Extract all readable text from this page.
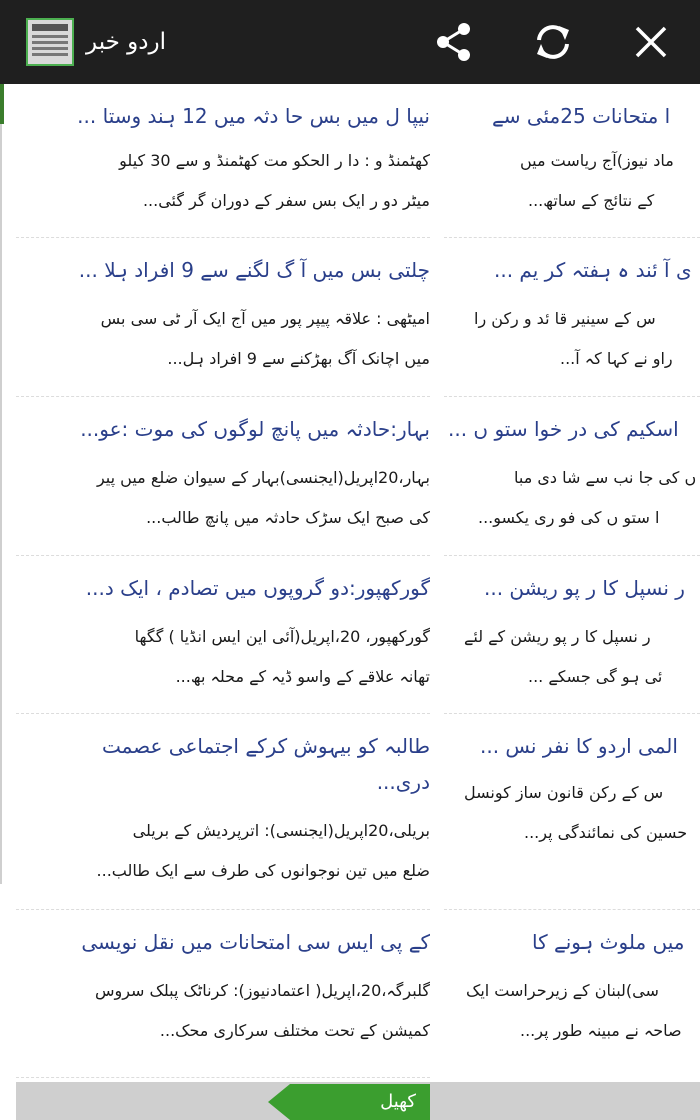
اردو خبر
نیپا ل میں بس حا دثہ میں 12 ہند وستا ...
کھٹمنڈ و : دا ر الحکو مت کھٹمنڈ و سے 30 کیلو
میٹر دو ر ایک بس سفر کے دوران گر گئی...
چلتی بس میں آ گ لگنے سے 9 افراد ہلا ...
امیٹھی : علاقہ پیپر پور میں آج ایک آر ٹی سی بس
میں اچانک آگ بھڑکنے سے 9 افراد ہل...
بہار:حادثہ میں پانچ لوگوں کی موت :عو...
بہار،20اپریل(ایجنسی)بہار کے سیوان ضلع میں پیر
کی صبح ایک سڑک حادثہ میں پانچ طالب...
گورکھپور:دو گروپوں میں تصادم ، ایک د...
گورکھپور، 20،اپریل(آئی این ایس انڈیا ) گگھا
تھانہ علاقے کے واسو ڈیہ کے محلہ بھ...
طالبہ کو بیہوش کرکے اجتماعی عصمت دری...
بریلی،20اپریل(ایجنسی): اترپردیش کے بریلی
ضلع میں تین نوجوانوں کی طرف سے ایک طالب...
کے پی ایس سی امتحانات میں نقل نویسی
گلبرگہ،20،اپریل( اعتمادنیوز): کرناٹک پبلک سروس
کمیشن کے تحت مختلف سرکاری محک...
ا متحانات 25مئی سے
ماد نیوز)آج ریاست میں
کے نتائج کے ساتھ...
ی آ ئند ہ ہفتہ کر یم ...
س کے سینیر قا ئد و رکن را
راو نے کہا کہ آ...
اسکیم کی در خوا ستو ں ...
ں کی جا نب سے شا دی مبا
ا ستو ں کی فو ری یکسو...
ر نسپل کا ر پو ریشن ...
ر نسپل کا ر پو ریشن کے لئے
ئی ہو گی جسکے ...
المی اردو کا نفر نس ...
س کے رکن قانون ساز کونسل
حسین کی نمائندگی پر...
میں ملوث ہونے کا
سی)لبنان کے زیرحراست ایک
صاحہ نے مبینہ طور پر...
کھیل
